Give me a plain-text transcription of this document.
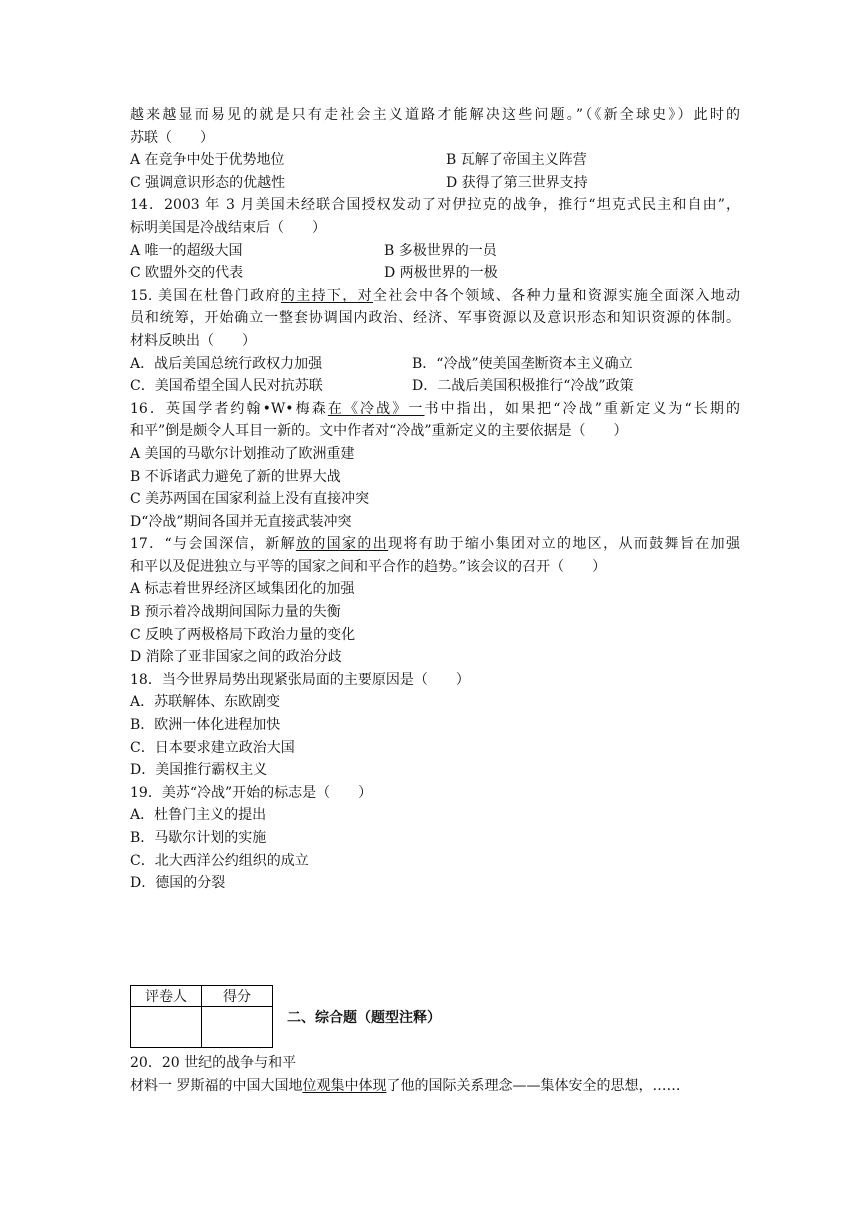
越来越显而易见的就是只有走社会主义道路才能解决这些问题。”（《新全球史》）此时的
苏联（　　）
A 在竞争中处于优势地位	B 瓦解了帝国主义阵营
C 强调意识形态的优越性	D 获得了第三世界支持
14．2003 年 3 月美国未经联合国授权发动了对伊拉克的战争，推行“坦克式民主和自由”，
标明美国是冷战结束后（　　）
A 唯一的超级大国	B 多极世界的一员
C 欧盟外交的代表	D 两极世界的一极
15. 美国在杜鲁门政府的主持下，对全社会中各个领域、各种力量和资源实施全面深入地动
员和统筹，开始确立一整套协调国内政治、经济、军事资源以及意识形态和知识资源的体制。
材料反映出（　　）
A．战后美国总统行政权力加强	B．“冷战”使美国垄断资本主义确立
C．美国希望全国人民对抗苏联	D．二战后美国积极推行“冷战”政策
16．英国学者约翰•W•梅森在《冷战》一书中指出，如果把“冷战”重新定义为“长期的
和平”倒是颇令人耳目一新的。文中作者对“冷战”重新定义的主要依据是（　　）
A 美国的马歇尔计划推动了欧洲重建
B 不诉诸武力避免了新的世界大战
C 美苏两国在国家利益上没有直接冲突
D“冷战”期间各国并无直接武装冲突
17．“与会国深信，新解放的国家的出现将有助于缩小集团对立的地区，从而鼓舞旨在加强
和平以及促进独立与平等的国家之间和平合作的趋势。”该会议的召开（　　）
A 标志着世界经济区域集团化的加强
B 预示着冷战期间国际力量的失衡
C 反映了两极格局下政治力量的变化
D 消除了亚非国家之间的政治分歧
18．当今世界局势出现紧张局面的主要原因是（　　）
A．苏联解体、东欧剧变
B．欧洲一体化进程加快
C．日本要求建立政治大国
D．美国推行霸权主义
19．美苏“冷战”开始的标志是（　　）
A．杜鲁门主义的提出
B．马歇尔计划的实施
C．北大西洋公约组织的成立
D．德国的分裂
评卷人	得分

二、综合题（题型注释）
20．20 世纪的战争与和平
材料一 罗斯福的中国大国地位观集中体现了他的国际关系理念——集体安全的思想，……
